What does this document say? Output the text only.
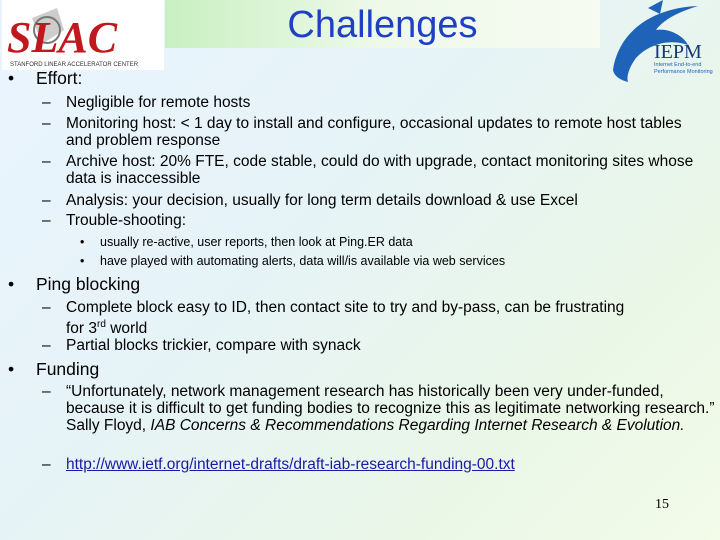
SLAC
STANFORD LINEAR ACCELERATOR CENTER
Challenges
IEPM
Internet End-to-end
Performance Monitoring
• Effort:
– Negligible for remote hosts
– Monitoring host: < 1 day to install and configure, occasional updates to remote host tables and problem response
– Archive host: 20% FTE, code stable, could do with upgrade, contact monitoring sites whose data is inaccessible
– Analysis: your decision, usually for long term details download & use Excel
– Trouble-shooting:
• usually re-active, user reports, then look at Ping.ER data
• have played with automating alerts, data will/is available via web services
• Ping blocking
– Complete block easy to ID, then contact site to try and by-pass, can be frustrating
for 3rd world
– Partial blocks trickier, compare with synack
• Funding
– “Unfortunately, network management research has historically been very under-funded, because it is difficult to get funding bodies to recognize this as legitimate networking research.” Sally Floyd, IAB Concerns & Recommendations Regarding Internet Research & Evolution.
– http://www.ietf.org/internet-drafts/draft-iab-research-funding-00.txt
15
